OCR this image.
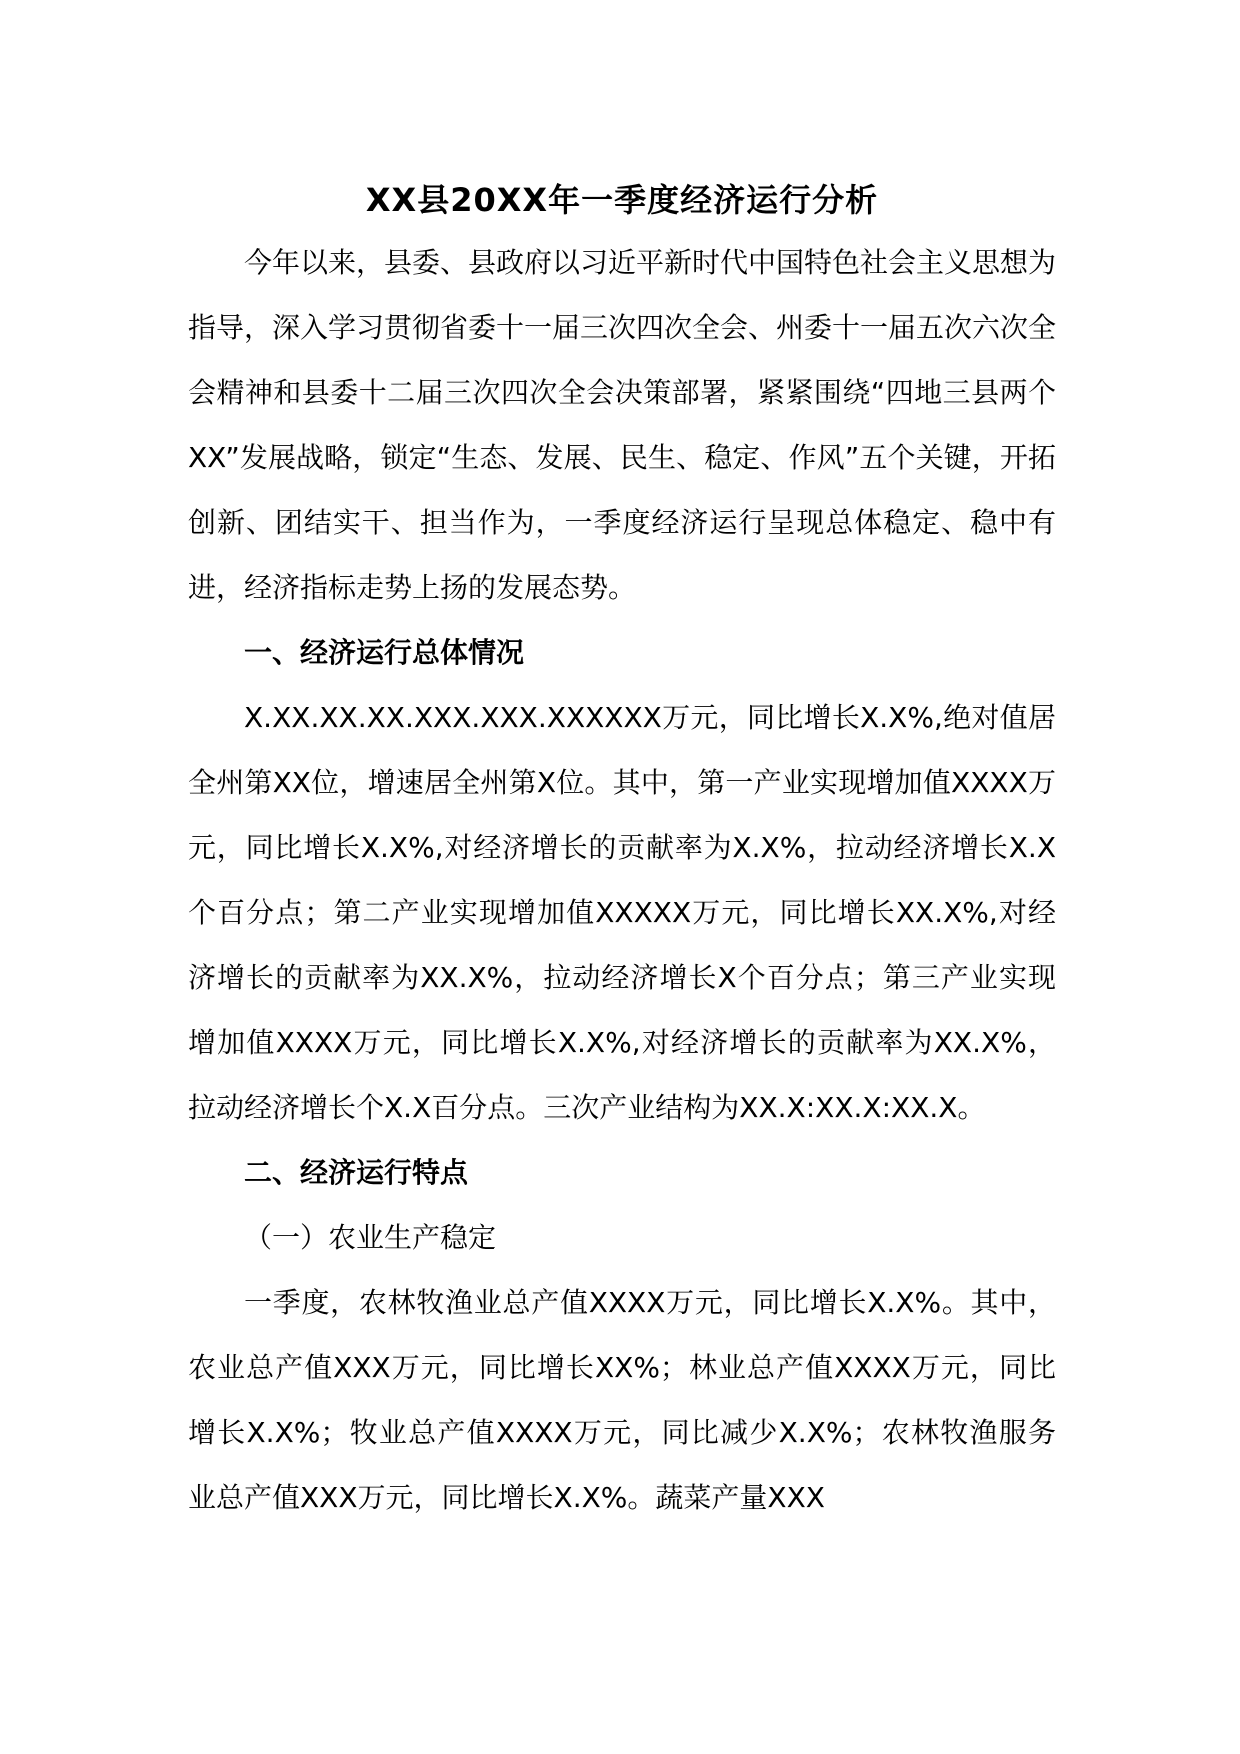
XX县20XX年一季度经济运行分析

今年以来，县委、县政府以习近平新时代中国特色社会主义思想为指导，深入学习贯彻省委十一届三次四次全会、州委十一届五次六次全会精神和县委十二届三次四次全会决策部署，紧紧围绕“四地三县两个XX”发展战略，锁定“生态、发展、民生、稳定、作风”五个关键，开拓创新、团结实干、担当作为，一季度经济运行呈现总体稳定、稳中有进，经济指标走势上扬的发展态势。

一、经济运行总体情况

X.XX.XX.XX.XXX.XXX.XXXXXX万元，同比增长X.X%,绝对值居全州第XX位，增速居全州第X位。其中，第一产业实现增加值XXXX万元，同比增长X.X%,对经济增长的贡献率为X.X%，拉动经济增长X.X个百分点；第二产业实现增加值XXXXX万元，同比增长XX.X%,对经济增长的贡献率为XX.X%，拉动经济增长X个百分点；第三产业实现增加值XXXX万元，同比增长X.X%,对经济增长的贡献率为XX.X%，拉动经济增长个X.X百分点。三次产业结构为XX.X:XX.X:XX.X。

二、经济运行特点

（一）农业生产稳定

一季度，农林牧渔业总产值XXXX万元，同比增长X.X%。其中，农业总产值XXX万元，同比增长XX%；林业总产值XXXX万元，同比增长X.X%；牧业总产值XXXX万元，同比减少X.X%；农林牧渔服务业总产值XXX万元，同比增长X.X%。蔬菜产量XXX
